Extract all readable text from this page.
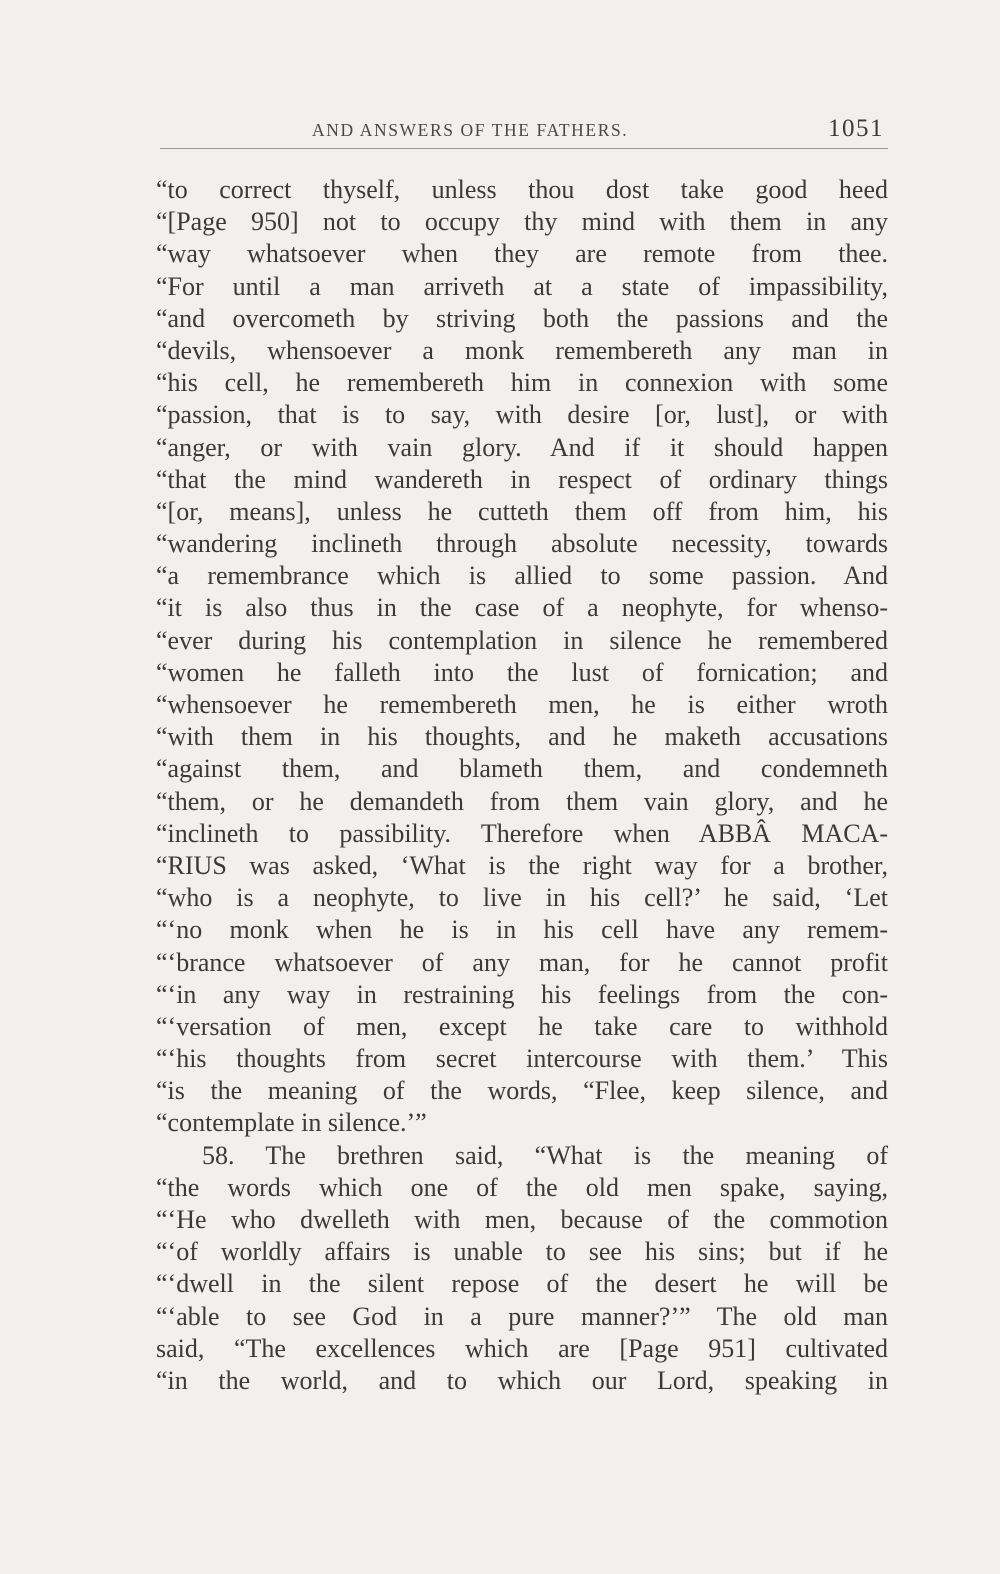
AND ANSWERS OF THE FATHERS.	1051
“to correct thyself, unless thou dost take good heed
“[Page 950] not to occupy thy mind with them in any
“way whatsoever when they are remote from thee.
“For until a man arriveth at a state of impassibility,
“and overcometh by striving both the passions and the
“devils, whensoever a monk remembereth any man in
“his cell, he remembereth him in connexion with some
“passion, that is to say, with desire [or, lust], or with
“anger, or with vain glory. And if it should happen
“that the mind wandereth in respect of ordinary things
“[or, means], unless he cutteth them off from him, his
“wandering inclineth through absolute necessity, towards
“a remembrance which is allied to some passion. And
“it is also thus in the case of a neophyte, for whenso-
“ever during his contemplation in silence he remembered
“women he falleth into the lust of fornication; and
“whensoever he remembereth men, he is either wroth
“with them in his thoughts, and he maketh accusations
“against them, and blameth them, and condemneth
“them, or he demandeth from them vain glory, and he
“inclineth to passibility. Therefore when ABBÂ MACA-
“RIUS was asked, ‘What is the right way for a brother,
“who is a neophyte, to live in his cell?’ he said, ‘Let
“‘no monk when he is in his cell have any remem-
“‘brance whatsoever of any man, for he cannot profit
“‘in any way in restraining his feelings from the con-
“‘versation of men, except he take care to withhold
“‘his thoughts from secret intercourse with them.’ This
“is the meaning of the words, “Flee, keep silence, and
“contemplate in silence.’”
58. The brethren said, “What is the meaning of
“the words which one of the old men spake, saying,
“‘He who dwelleth with men, because of the commotion
“‘of worldly affairs is unable to see his sins; but if he
“‘dwell in the silent repose of the desert he will be
“‘able to see God in a pure manner?’” The old man
said, “The excellences which are [Page 951] cultivated
“in the world, and to which our Lord, speaking in
